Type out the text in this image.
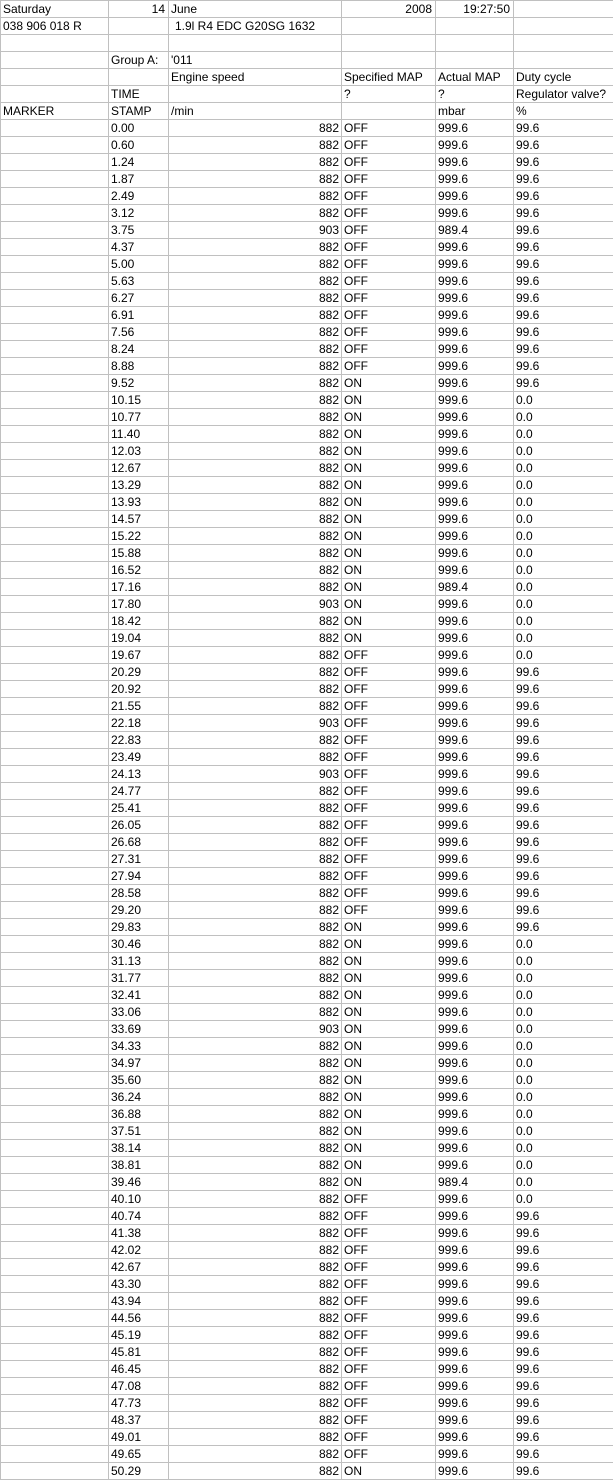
Saturday	14	June	2008	19:27:50	
038 906 018 R		1.9l R4 EDC G20SG 1632			

	Group A:	'011			
		Engine speed	Specified MAP	Actual MAP	Duty cycle
	TIME		?	?	Regulator valve?
MARKER	STAMP	/min		mbar	%
	0.00	882	OFF	999.6	99.6
	0.60	882	OFF	999.6	99.6
	1.24	882	OFF	999.6	99.6
	1.87	882	OFF	999.6	99.6
	2.49	882	OFF	999.6	99.6
	3.12	882	OFF	999.6	99.6
	3.75	903	OFF	989.4	99.6
	4.37	882	OFF	999.6	99.6
	5.00	882	OFF	999.6	99.6
	5.63	882	OFF	999.6	99.6
	6.27	882	OFF	999.6	99.6
	6.91	882	OFF	999.6	99.6
	7.56	882	OFF	999.6	99.6
	8.24	882	OFF	999.6	99.6
	8.88	882	OFF	999.6	99.6
	9.52	882	ON	999.6	99.6
	10.15	882	ON	999.6	0.0
	10.77	882	ON	999.6	0.0
	11.40	882	ON	999.6	0.0
	12.03	882	ON	999.6	0.0
	12.67	882	ON	999.6	0.0
	13.29	882	ON	999.6	0.0
	13.93	882	ON	999.6	0.0
	14.57	882	ON	999.6	0.0
	15.22	882	ON	999.6	0.0
	15.88	882	ON	999.6	0.0
	16.52	882	ON	999.6	0.0
	17.16	882	ON	989.4	0.0
	17.80	903	ON	999.6	0.0
	18.42	882	ON	999.6	0.0
	19.04	882	ON	999.6	0.0
	19.67	882	OFF	999.6	0.0
	20.29	882	OFF	999.6	99.6
	20.92	882	OFF	999.6	99.6
	21.55	882	OFF	999.6	99.6
	22.18	903	OFF	999.6	99.6
	22.83	882	OFF	999.6	99.6
	23.49	882	OFF	999.6	99.6
	24.13	903	OFF	999.6	99.6
	24.77	882	OFF	999.6	99.6
	25.41	882	OFF	999.6	99.6
	26.05	882	OFF	999.6	99.6
	26.68	882	OFF	999.6	99.6
	27.31	882	OFF	999.6	99.6
	27.94	882	OFF	999.6	99.6
	28.58	882	OFF	999.6	99.6
	29.20	882	OFF	999.6	99.6
	29.83	882	ON	999.6	99.6
	30.46	882	ON	999.6	0.0
	31.13	882	ON	999.6	0.0
	31.77	882	ON	999.6	0.0
	32.41	882	ON	999.6	0.0
	33.06	882	ON	999.6	0.0
	33.69	903	ON	999.6	0.0
	34.33	882	ON	999.6	0.0
	34.97	882	ON	999.6	0.0
	35.60	882	ON	999.6	0.0
	36.24	882	ON	999.6	0.0
	36.88	882	ON	999.6	0.0
	37.51	882	ON	999.6	0.0
	38.14	882	ON	999.6	0.0
	38.81	882	ON	999.6	0.0
	39.46	882	ON	989.4	0.0
	40.10	882	OFF	999.6	0.0
	40.74	882	OFF	999.6	99.6
	41.38	882	OFF	999.6	99.6
	42.02	882	OFF	999.6	99.6
	42.67	882	OFF	999.6	99.6
	43.30	882	OFF	999.6	99.6
	43.94	882	OFF	999.6	99.6
	44.56	882	OFF	999.6	99.6
	45.19	882	OFF	999.6	99.6
	45.81	882	OFF	999.6	99.6
	46.45	882	OFF	999.6	99.6
	47.08	882	OFF	999.6	99.6
	47.73	882	OFF	999.6	99.6
	48.37	882	OFF	999.6	99.6
	49.01	882	OFF	999.6	99.6
	49.65	882	OFF	999.6	99.6
	50.29	882	ON	999.6	99.6
